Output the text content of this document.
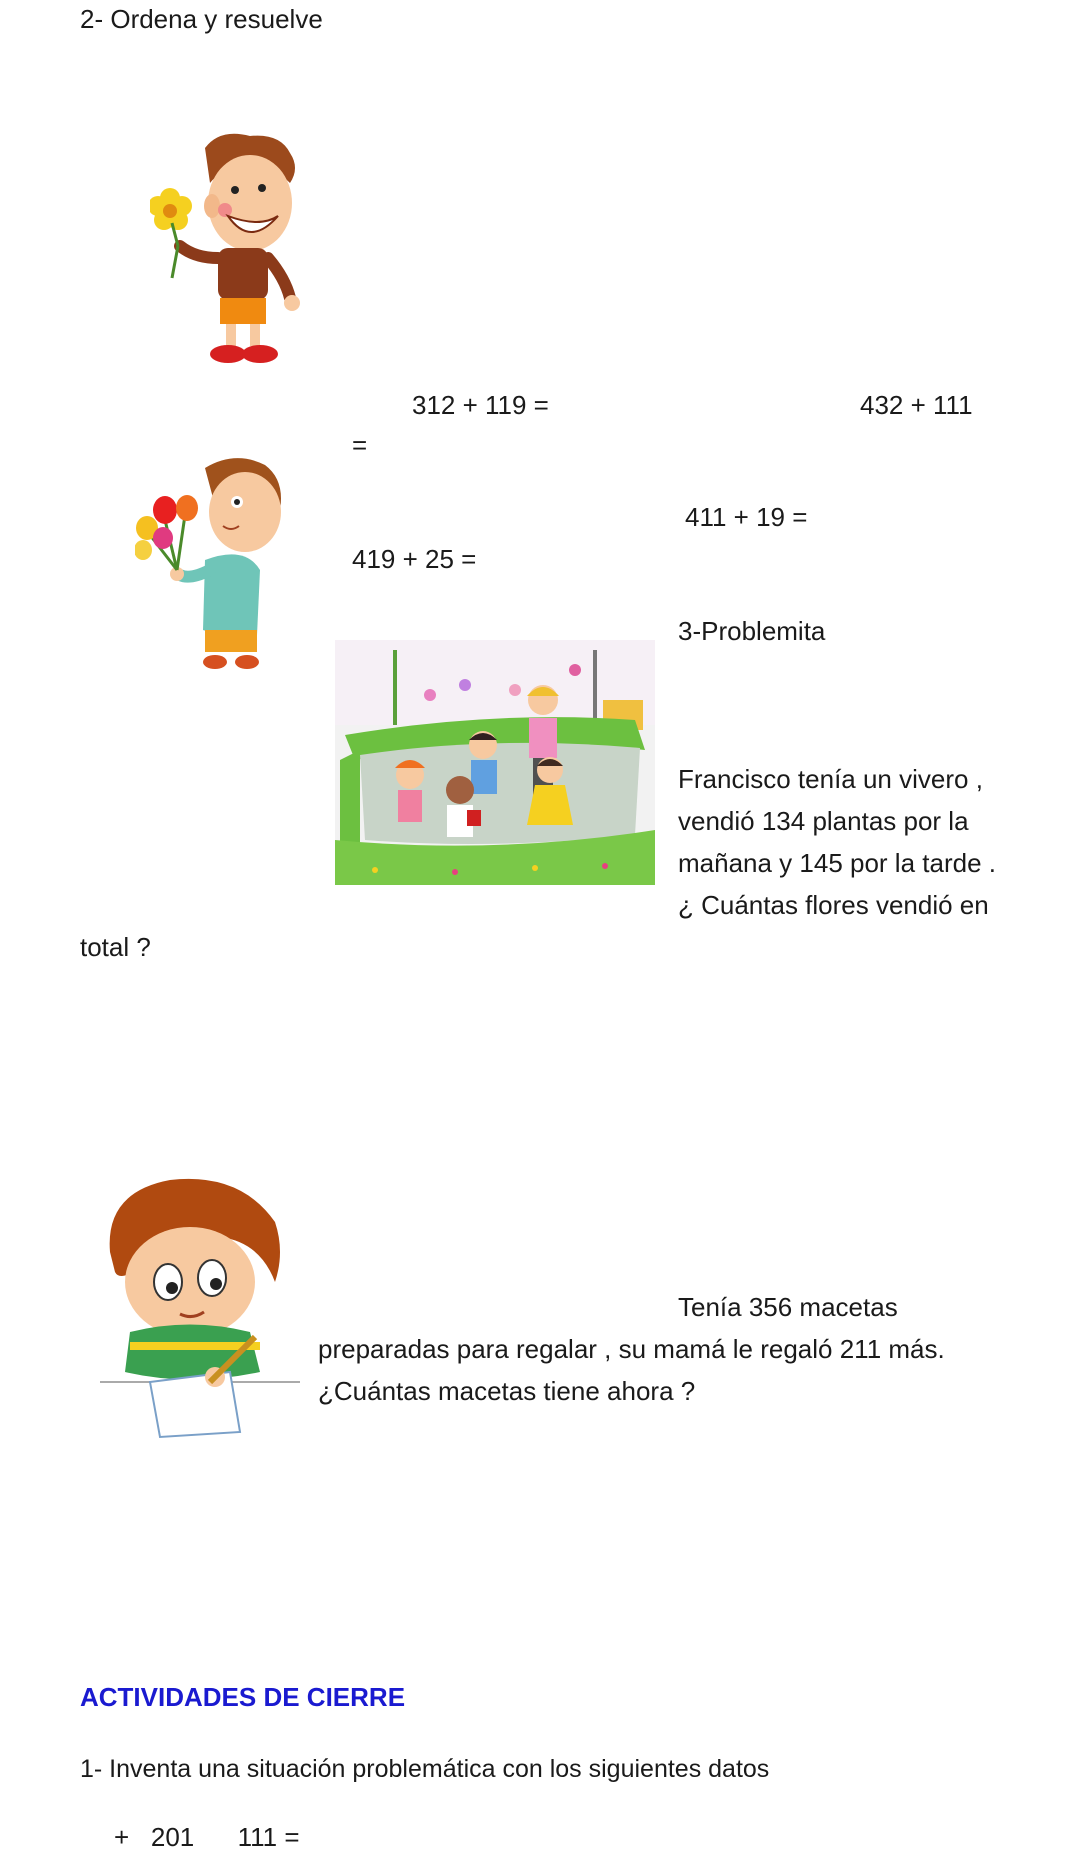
2- Ordena y resuelve
312 + 119 =	432 + 111
=
411 + 19 =
419 + 25 =
3-Problemita
Francisco tenía un vivero ,
vendió 134 plantas por la
mañana y 145 por la tarde .
¿ Cuántas flores vendió en
total ?
Tenía 356 macetas
preparadas para regalar , su mamá le regaló 211 más.
¿Cuántas macetas tiene ahora ?
ACTIVIDADES DE CIERRE
1- Inventa una situación problemática con los siguientes datos
+   201      111 =
